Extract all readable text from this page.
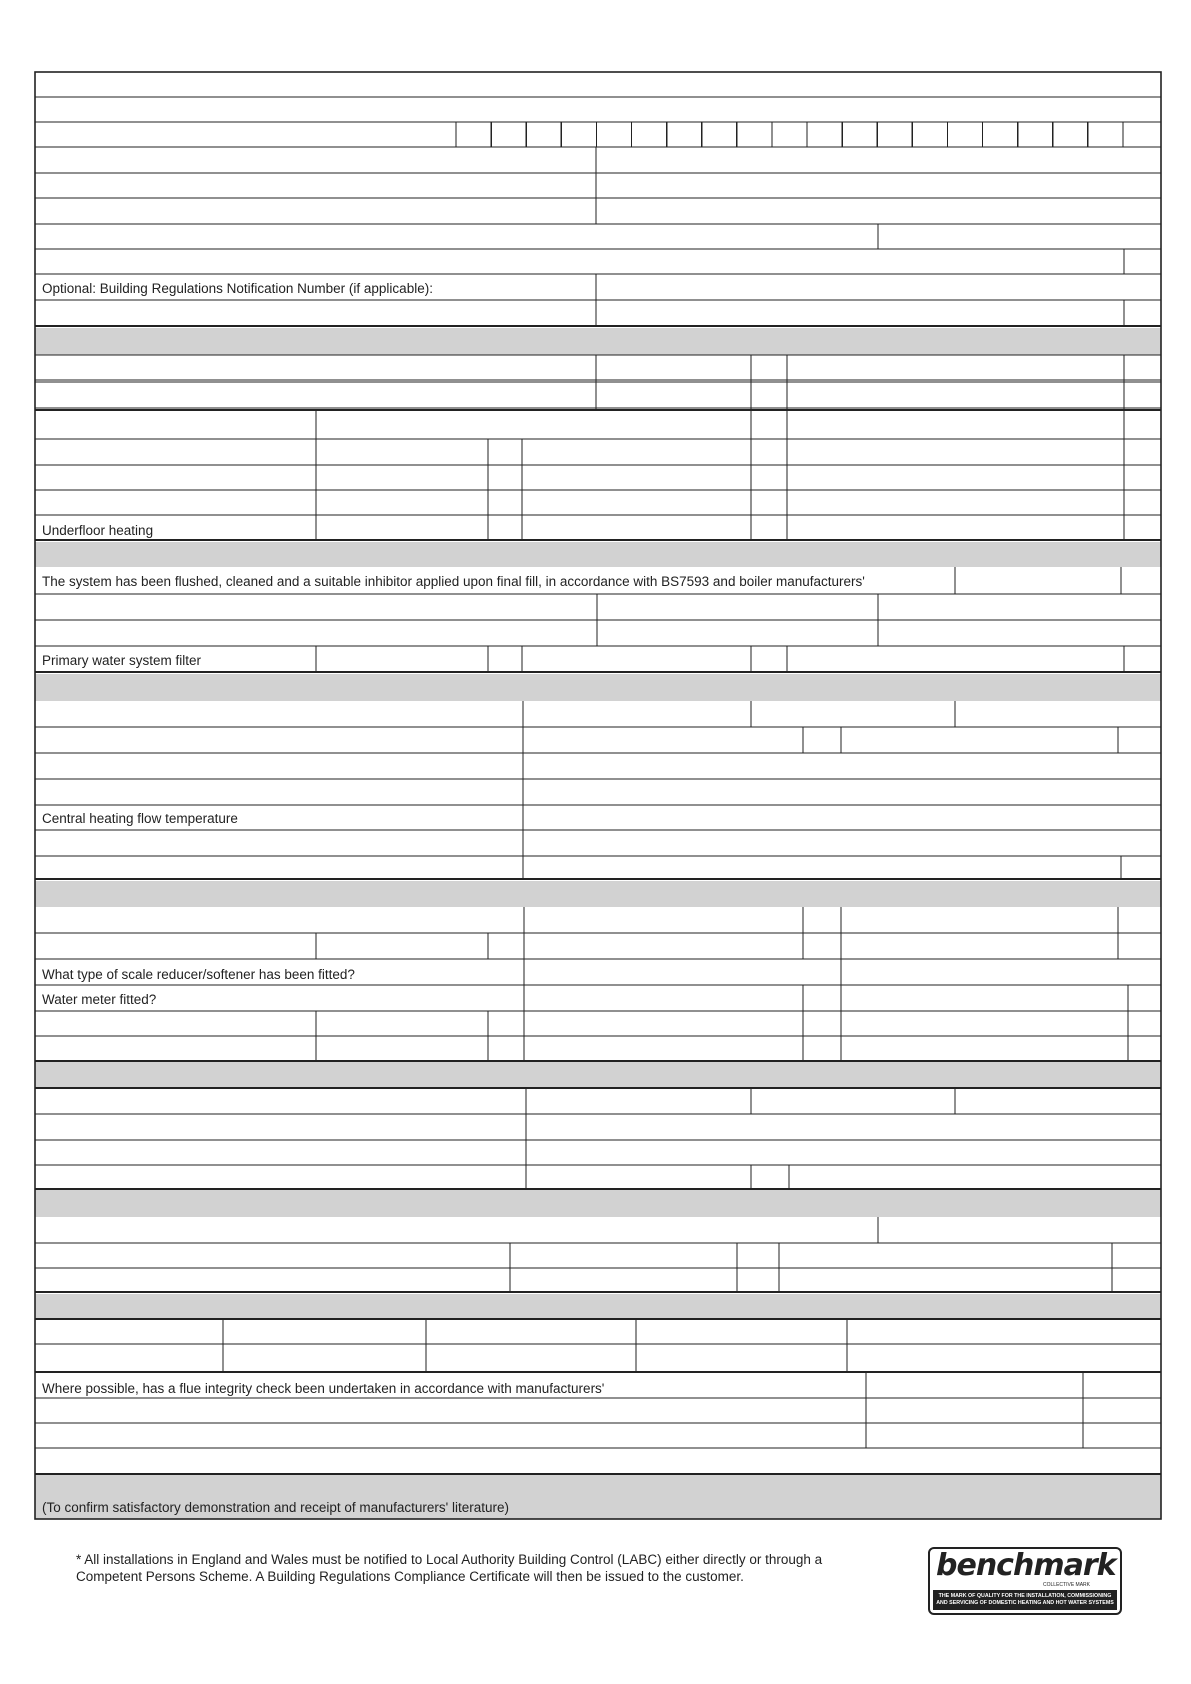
Optional: Building Regulations Notification Number (if applicable):
Underfloor heating
The system has been flushed, cleaned and a suitable inhibitor applied upon final fill, in accordance with BS7593 and boiler manufacturers'
Primary water system filter
Central heating flow temperature
What type of scale reducer/softener has been fitted?
Water meter fitted?
Where possible, has a flue integrity check been undertaken in accordance with manufacturers'
(To confirm satisfactory demonstration and receipt of manufacturers' literature)

* All installations in England and Wales must be notified to Local Authority Building Control (LABC) either directly or through a

Competent Persons Scheme. A Building Regulations Compliance Certificate will then be issued to the customer.	benchmark
COLLECTIVE MARK
THE MARK OF QUALITY FOR THE INSTALLATION, COMMISSIONING
AND SERVICING OF DOMESTIC HEATING AND HOT WATER SYSTEMS
